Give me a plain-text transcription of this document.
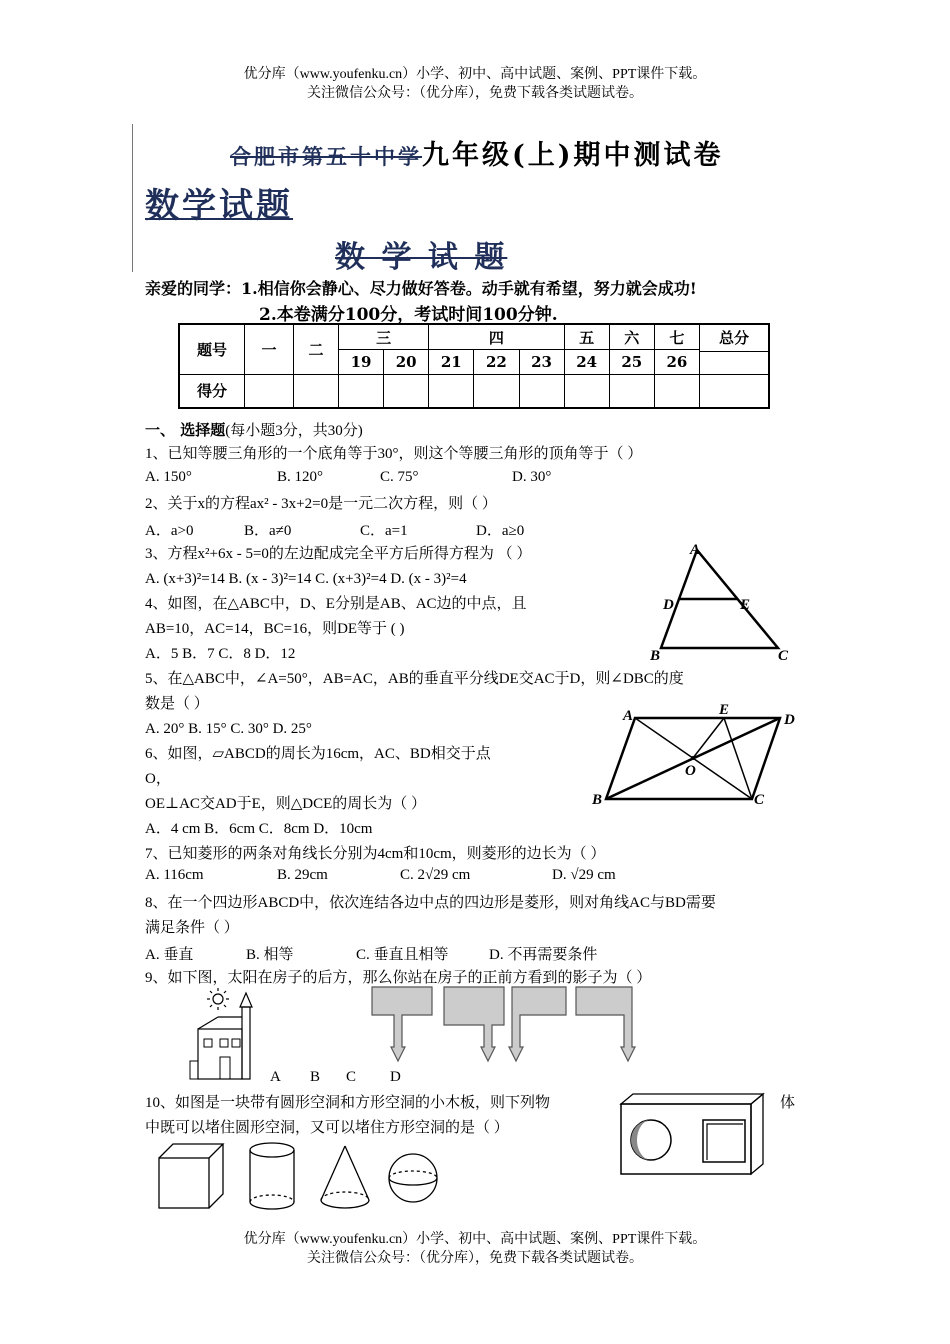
优分库（www.youfenku.cn）小学、初中、高中试题、案例、PPT课件下载。
关注微信公众号：（优分库），免费下载各类试题试卷。
合肥市第五十中学九年级(上)期中测试卷
数学试题
数 学 试 题
亲爱的同学：1.相信你会静心、尽力做好答卷。动手就有希望，努力就会成功!
2.本卷满分100分，考试时间100分钟.
题号	一	二	三		四			五	六	七	总分

			19	20	21	22	23	24	25	26	
得分											
一、 选择题(每小题3分，共30分)
1、已知等腰三角形的一个底角等于30°，则这个等腰三角形的顶角等于（ ）
A. 150°	B. 120°	C. 75°	D. 30°
2、关于x的方程ax² - 3x+2=0是一元二次方程，则（ ）
A．a>0	B．a≠0	C．a=1	D．a≥0
3、方程x²+6x - 5=0的左边配成完全平方后所得方程为 （ ）
A. (x+3)²=14 B. (x - 3)²=14 C. (x+3)²=4 D. (x - 3)²=4
4、如图，在△ABC中，D、E分别是AB、AC边的中点，且
AB=10，AC=14，BC=16，则DE等于 ( )
A．5 B．7 C．8 D．12
5、在△ABC中，∠A=50°，AB=AC，AB的垂直平分线DE交AC于D，则∠DBC的度
数是（ ）
A. 20° B. 15° C. 30° D. 25°
6、如图，▱ABCD的周长为16cm，AC、BD相交于点
O，
OE⊥AC交AD于E，则△DCE的周长为（ ）
A．4 cm B．6cm C．8cm D．10cm
7、已知菱形的两条对角线长分别为4cm和10cm，则菱形的边长为（ ）
A. 116cm	B. 29cm	C. 2√29 cm	D. √29 cm
8、在一个四边形ABCD中，依次连结各边中点的四边形是菱形，则对角线AC与BD需要
满足条件（ ）
A. 垂直	B. 相等	C. 垂直且相等	D. 不再需要条件
9、如下图，太阳在房子的后方，那么你站在房子的正前方看到的影子为（ ）
A B C D
10、如图是一块带有圆形空洞和方形空洞的小木板，则下列物	体
中既可以堵住圆形空洞，又可以堵住方形空洞的是（ ）
A
D	E
B	C
A	E
D
O
B	C
优分库（www.youfenku.cn）小学、初中、高中试题、案例、PPT课件下载。
关注微信公众号：（优分库），免费下载各类试题试卷。
